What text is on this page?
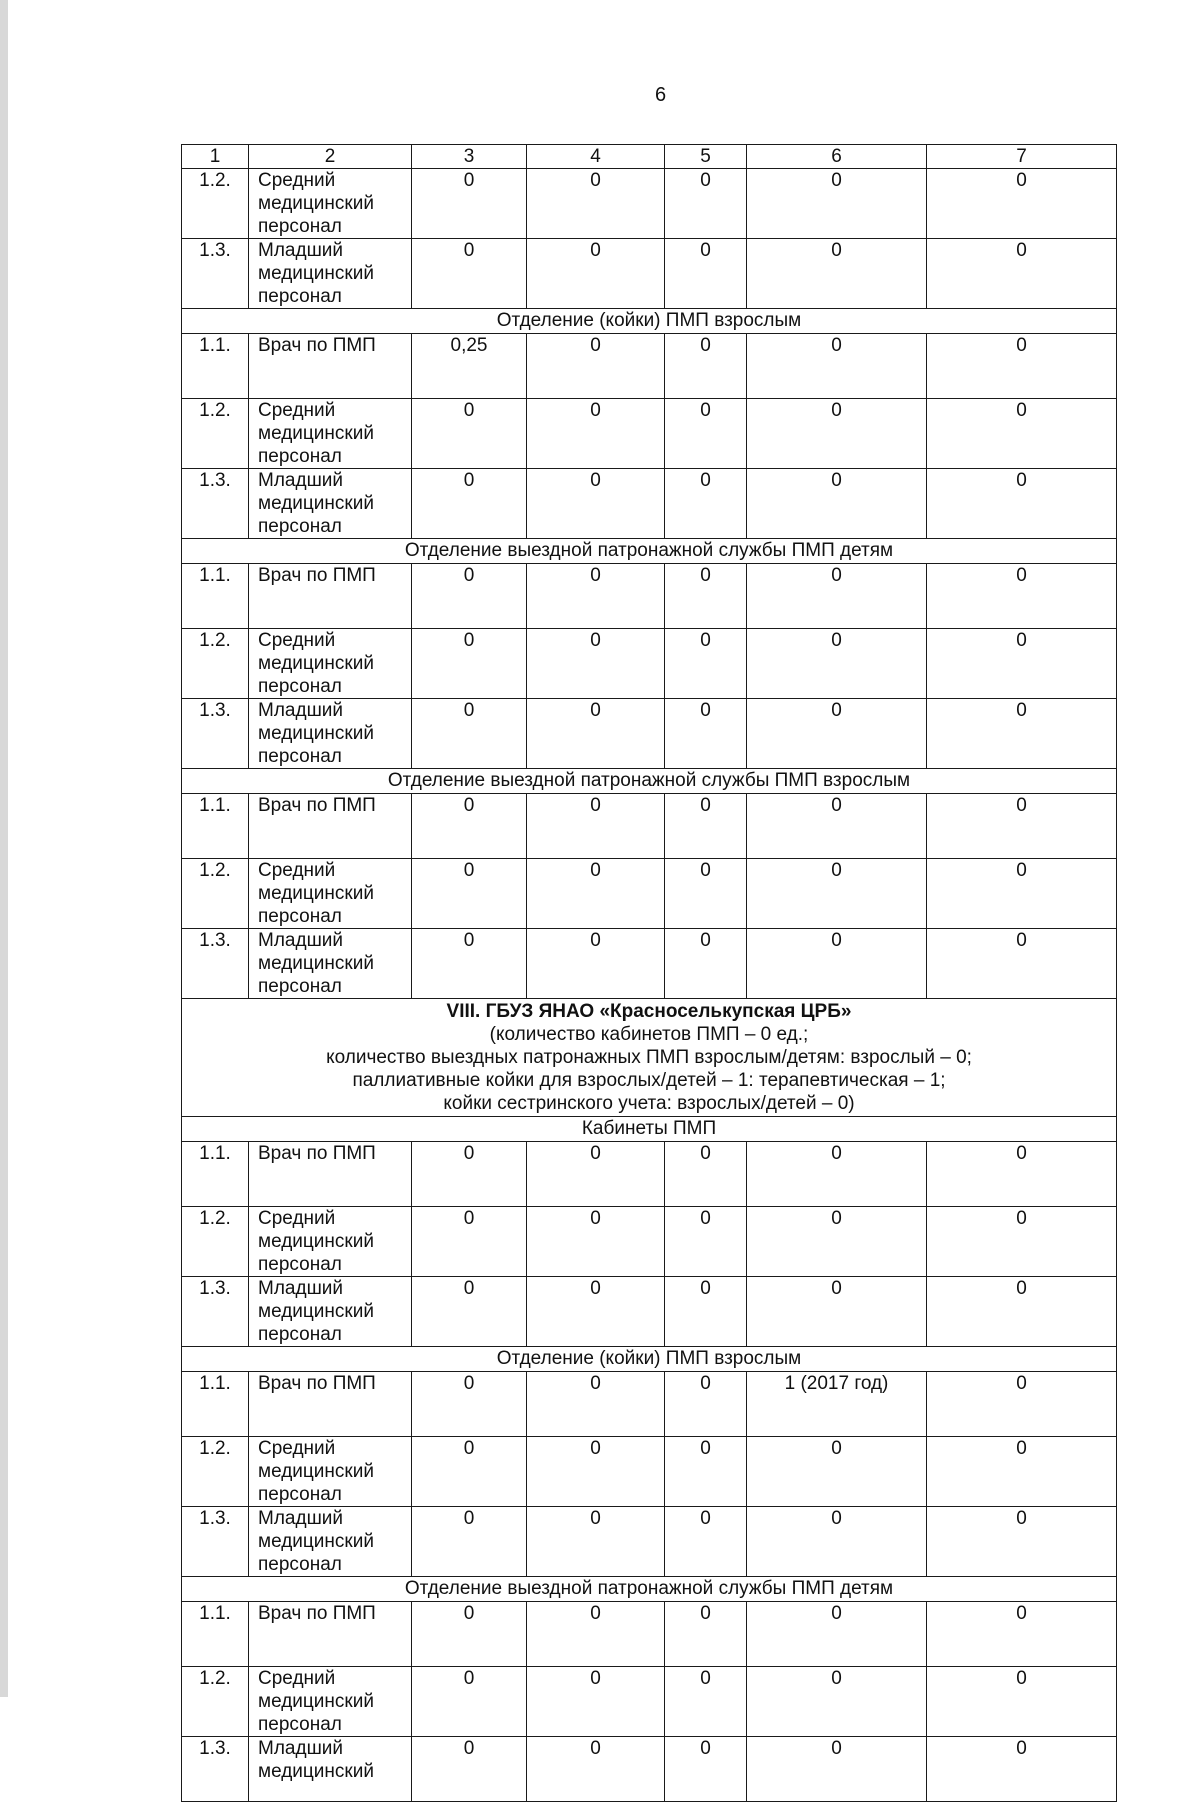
6
1	2	3	4	5	6	7
1.2.	Средний медицинский персонал	0	0	0	0	0
1.3.	Младший медицинский персонал	0	0	0	0	0
Отделение (койки) ПМП взрослым						
1.1.	Врач по ПМП	0,25	0	0	0	0
1.2.	Средний медицинский персонал	0	0	0	0	0
1.3.	Младший медицинский персонал	0	0	0	0	0
Отделение выездной патронажной службы ПМП детям						
1.1.	Врач по ПМП	0	0	0	0	0
1.2.	Средний медицинский персонал	0	0	0	0	0
1.3.	Младший медицинский персонал	0	0	0	0	0
Отделение выездной патронажной службы ПМП взрослым						
1.1.	Врач по ПМП	0	0	0	0	0
1.2.	Средний медицинский персонал	0	0	0	0	0
1.3.	Младший медицинский персонал	0	0	0	0	0

VIII. ГБУЗ ЯНАО «Красноселькупская ЦРБ»
(количество кабинетов ПМП – 0 ед.;
количество выездных патронажных ПМП взрослым/детям: взрослый – 0;
паллиативные койки для взрослых/детей – 1: терапевтическая – 1;
койки сестринского учета: взрослых/детей – 0)						

Кабинеты ПМП						
1.1.	Врач по ПМП	0	0	0	0	0
1.2.	Средний медицинский персонал	0	0	0	0	0
1.3.	Младший медицинский персонал	0	0	0	0	0
Отделение (койки) ПМП взрослым						
1.1.	Врач по ПМП	0	0	0	1 (2017 год)	0
1.2.	Средний медицинский персонал	0	0	0	0	0
1.3.	Младший медицинский персонал	0	0	0	0	0
Отделение выездной патронажной службы ПМП детям						
1.1.	Врач по ПМП	0	0	0	0	0
1.2.	Средний медицинский персонал	0	0	0	0	0
1.3.	Младший медицинский	0	0	0	0	0
